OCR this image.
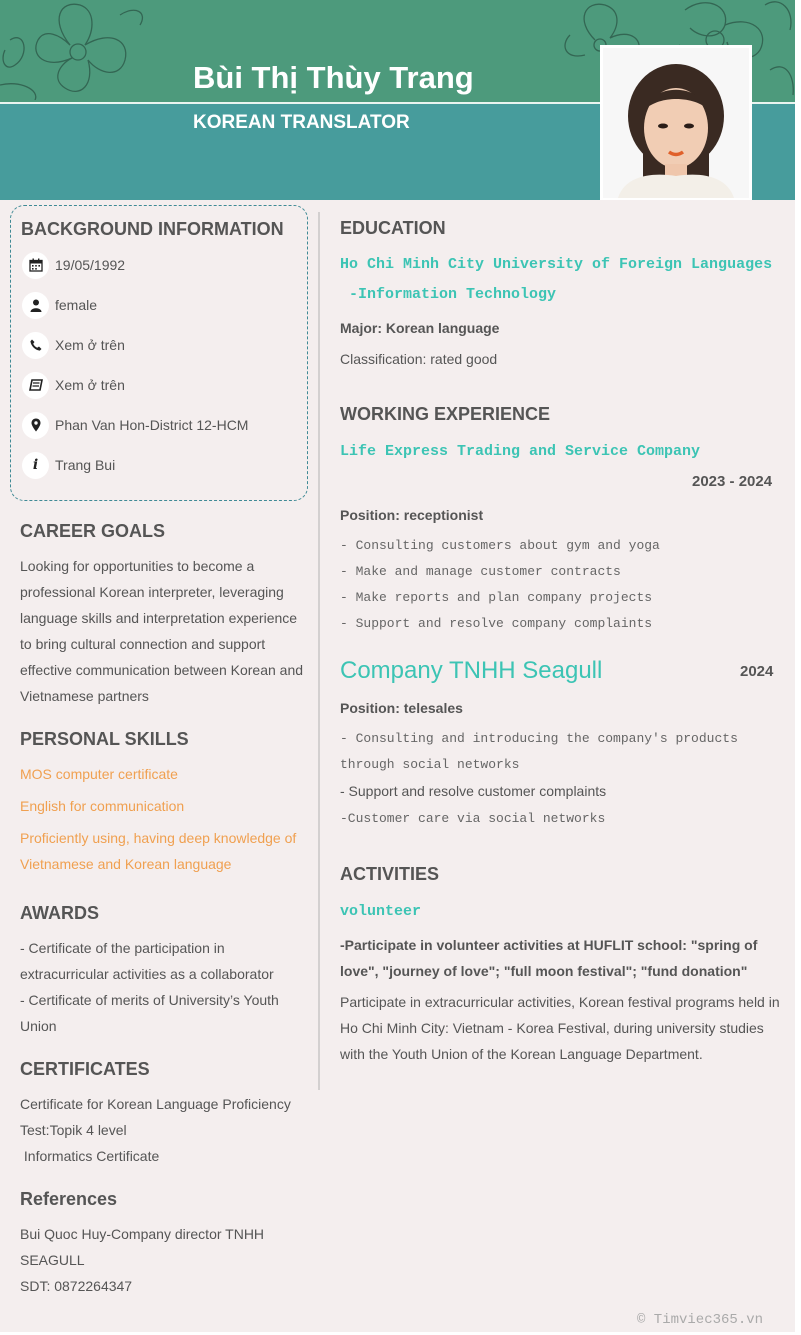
Bùi Thị Thùy Trang
KOREAN TRANSLATOR
BACKGROUND INFORMATION
19/05/1992
female
Xem ở trên
Xem ở trên
Phan Van Hon-District 12-HCM
i Trang Bui
CAREER GOALS
Looking for opportunities to become a professional Korean interpreter, leveraging language skills and interpretation experience to bring cultural connection and support effective communication between Korean and Vietnamese partners
PERSONAL SKILLS
MOS computer certificate
English for communication
Proficiently using, having deep knowledge of Vietnamese and Korean language
AWARDS
- Certificate of the participation in extracurricular activities as a collaborator
- Certificate of merits of University’s Youth Union
CERTIFICATES
Certificate for Korean Language Proficiency Test:Topik 4 level
Informatics Certificate
References
Bui Quoc Huy-Company director TNHH SEAGULL
SDT: 0872264347
EDUCATION
Ho Chi Minh City University of Foreign Languages
-Information Technology
Major: Korean language
Classification: rated good
WORKING EXPERIENCE
Life Express Trading and Service Company
2023 - 2024
Position: receptionist
- Consulting customers about gym and yoga
- Make and manage customer contracts
- Make reports and plan company projects
- Support and resolve company complaints
Company TNHH Seagull	2024
Position: telesales
- Consulting and introducing the company's products through social networks
- Support and resolve customer complaints
-Customer care via social networks
ACTIVITIES
volunteer
-Participate in volunteer activities at HUFLIT school: "spring of love", "journey of love"; "full moon festival"; "fund donation"
Participate in extracurricular activities, Korean festival programs held in Ho Chi Minh City: Vietnam - Korea Festival, during university studies with the Youth Union of the Korean Language Department.
© Timviec365.vn
